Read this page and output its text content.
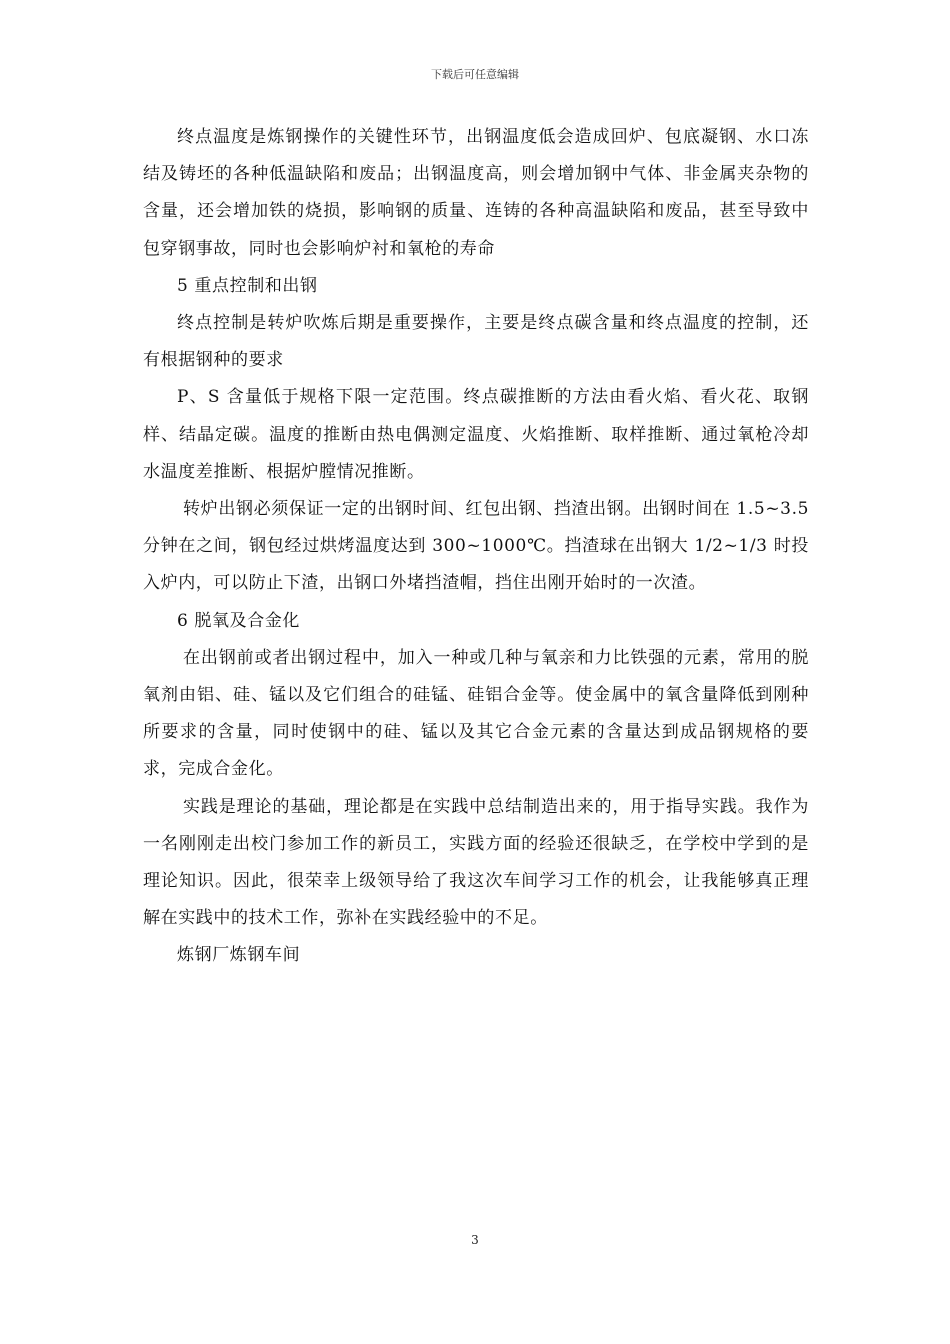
下载后可任意编辑

终点温度是炼钢操作的关键性环节，出钢温度低会造成回炉、包底凝钢、水口冻结及铸坯的各种低温缺陷和废品；出钢温度高，则会增加钢中气体、非金属夹杂物的含量，还会增加铁的烧损，影响钢的质量、连铸的各种高温缺陷和废品，甚至导致中包穿钢事故，同时也会影响炉衬和氧枪的寿命

5 重点控制和出钢

终点控制是转炉吹炼后期是重要操作，主要是终点碳含量和终点温度的控制，还有根据钢种的要求

P、S 含量低于规格下限一定范围。终点碳推断的方法由看火焰、看火花、取钢样、结晶定碳。温度的推断由热电偶测定温度、火焰推断、取样推断、通过氧枪冷却水温度差推断、根据炉膛情况推断。

转炉出钢必须保证一定的出钢时间、红包出钢、挡渣出钢。出钢时间在 1.5~3.5 分钟在之间，钢包经过烘烤温度达到 300~1000℃。挡渣球在出钢大 1/2~1/3 时投入炉内，可以防止下渣，出钢口外堵挡渣帽，挡住出刚开始时的一次渣。

6 脱氧及合金化

在出钢前或者出钢过程中，加入一种或几种与氧亲和力比铁强的元素，常用的脱氧剂由铝、硅、锰以及它们组合的硅锰、硅铝合金等。使金属中的氧含量降低到刚种所要求的含量，同时使钢中的硅、锰以及其它合金元素的含量达到成品钢规格的要求，完成合金化。

实践是理论的基础，理论都是在实践中总结制造出来的，用于指导实践。我作为一名刚刚走出校门参加工作的新员工，实践方面的经验还很缺乏，在学校中学到的是理论知识。因此，很荣幸上级领导给了我这次车间学习工作的机会，让我能够真正理解在实践中的技术工作，弥补在实践经验中的不足。

炼钢厂炼钢车间

3
